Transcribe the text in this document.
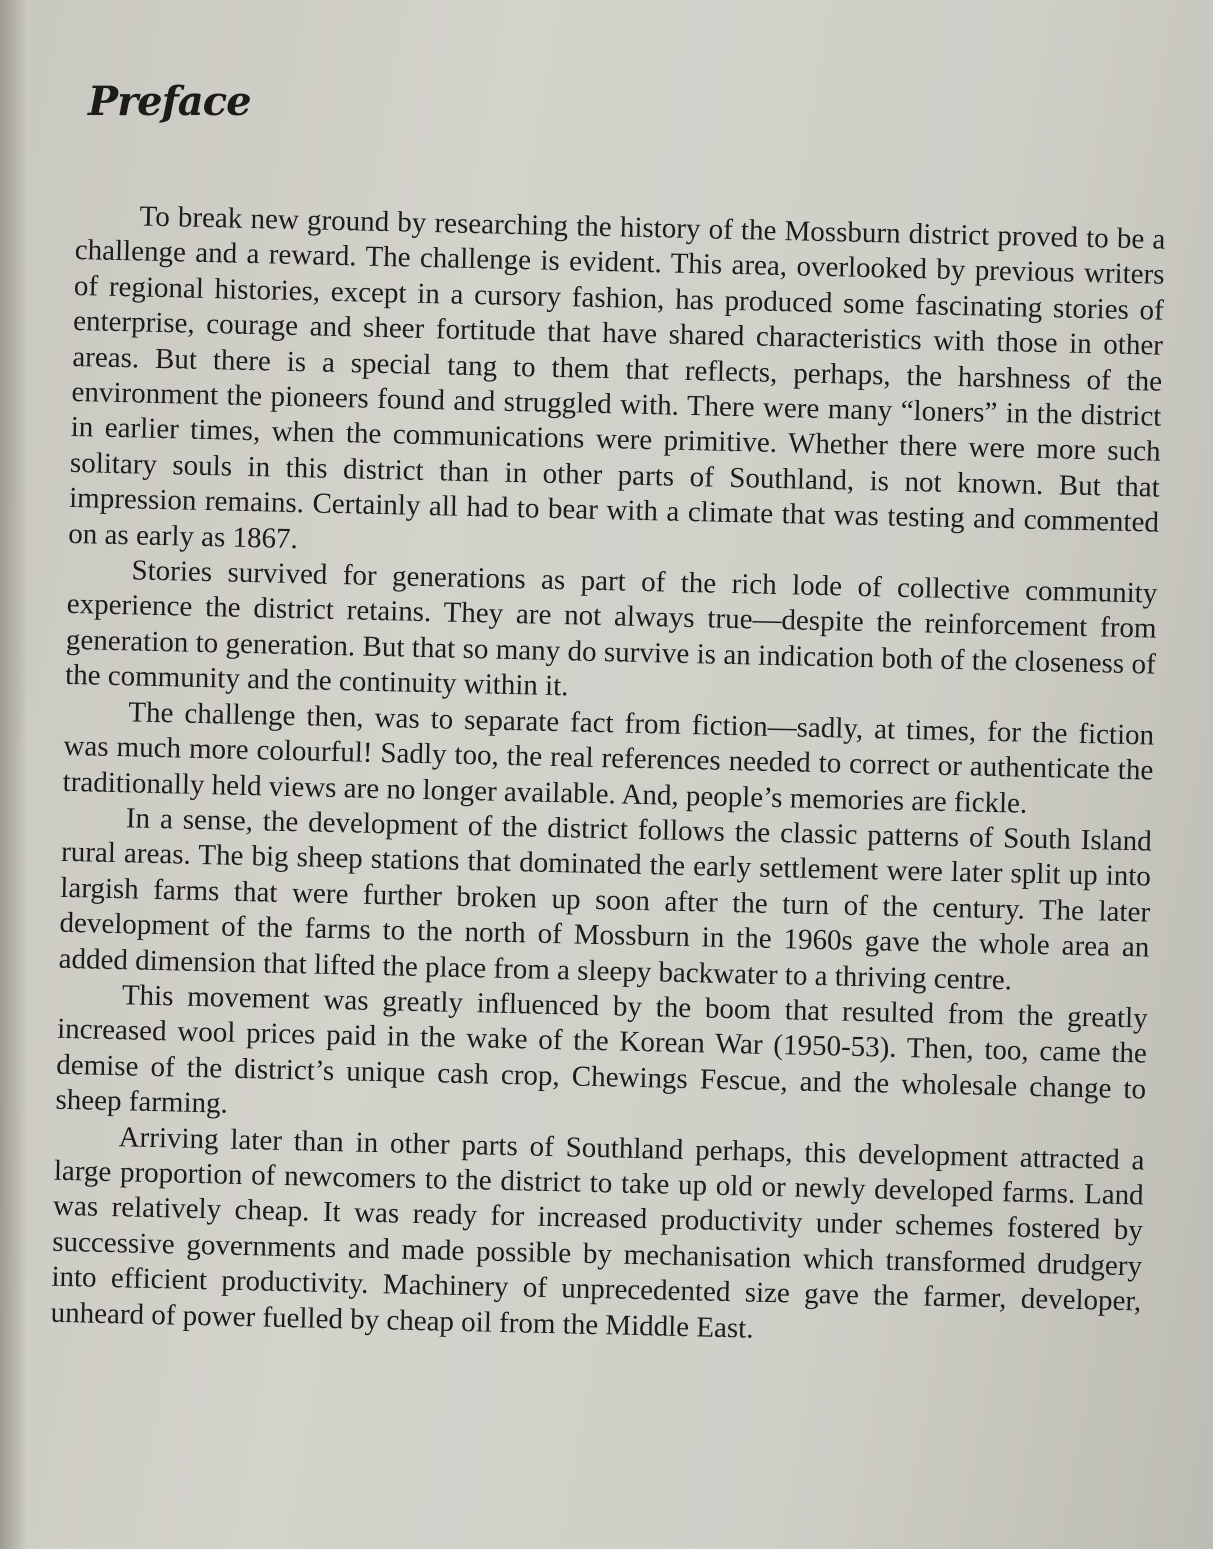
Preface

To break new ground by researching the history of the Mossburn district proved to be a challenge and a reward. The challenge is evident. This area, overlooked by previous writers of regional histories, except in a cursory fashion, has produced some fascinating stories of enterprise, courage and sheer fortitude that have shared characteristics with those in other areas. But there is a special tang to them that reflects, perhaps, the harshness of the environment the pioneers found and struggled with. There were many “loners” in the district in earlier times, when the communications were primitive. Whether there were more such solitary souls in this district than in other parts of Southland, is not known. But that impression remains. Certainly all had to bear with a climate that was testing and commented on as early as 1867.

Stories survived for generations as part of the rich lode of collective community experience the district retains. They are not always true—despite the reinforcement from generation to generation. But that so many do survive is an indication both of the closeness of the community and the continuity within it.

The challenge then, was to separate fact from fiction—sadly, at times, for the fiction was much more colourful! Sadly too, the real references needed to correct or authenticate the traditionally held views are no longer available. And, people’s memories are fickle.

In a sense, the development of the district follows the classic patterns of South Island rural areas. The big sheep stations that dominated the early settlement were later split up into largish farms that were further broken up soon after the turn of the century. The later development of the farms to the north of Mossburn in the 1960s gave the whole area an added dimension that lifted the place from a sleepy backwater to a thriving centre.

This movement was greatly influenced by the boom that resulted from the greatly increased wool prices paid in the wake of the Korean War (1950-53). Then, too, came the demise of the district’s unique cash crop, Chewings Fescue, and the wholesale change to sheep farming.

Arriving later than in other parts of Southland perhaps, this development attracted a large proportion of newcomers to the district to take up old or newly developed farms. Land was relatively cheap. It was ready for increased productivity under schemes fostered by successive governments and made possible by mechanisation which transformed drudgery into efficient productivity. Machinery of unprecedented size gave the farmer, developer, unheard of power fuelled by cheap oil from the Middle East.
